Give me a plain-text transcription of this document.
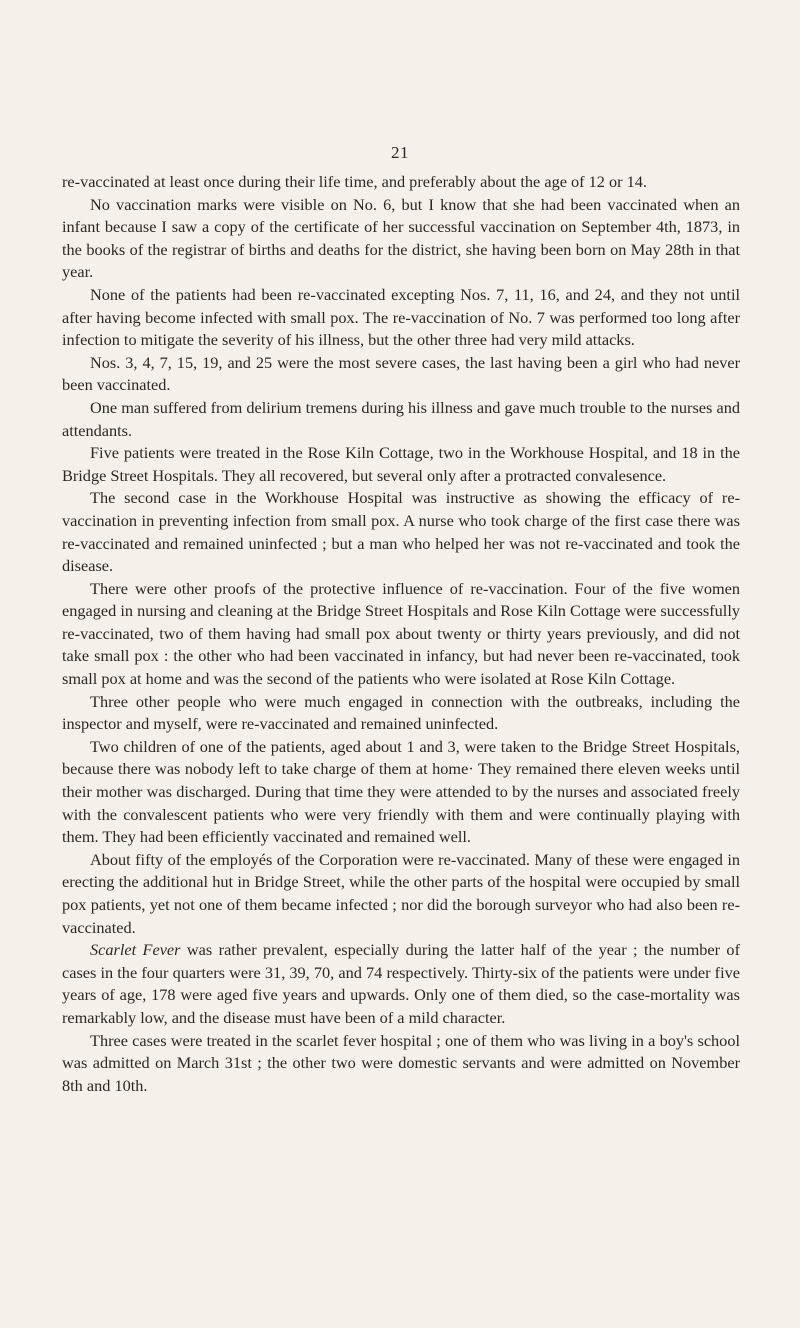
21

re-vaccinated at least once during their life time, and preferably about the age of 12 or 14.

No vaccination marks were visible on No. 6, but I know that she had been vaccinated when an infant because I saw a copy of the certificate of her successful vaccination on September 4th, 1873, in the books of the registrar of births and deaths for the district, she having been born on May 28th in that year.

None of the patients had been re-vaccinated excepting Nos. 7, 11, 16, and 24, and they not until after having become infected with small pox. The re-vaccination of No. 7 was performed too long after infection to mitigate the severity of his illness, but the other three had very mild attacks.

Nos. 3, 4, 7, 15, 19, and 25 were the most severe cases, the last having been a girl who had never been vaccinated.

One man suffered from delirium tremens during his illness and gave much trouble to the nurses and attendants.

Five patients were treated in the Rose Kiln Cottage, two in the Workhouse Hospital, and 18 in the Bridge Street Hospitals. They all recovered, but several only after a protracted convalesence.

The second case in the Workhouse Hospital was instructive as showing the efficacy of re-vaccination in preventing infection from small pox. A nurse who took charge of the first case there was re-vaccinated and remained uninfected ; but a man who helped her was not re-vaccinated and took the disease.

There were other proofs of the protective influence of re-vaccination. Four of the five women engaged in nursing and cleaning at the Bridge Street Hospitals and Rose Kiln Cottage were successfully re-vaccinated, two of them having had small pox about twenty or thirty years previously, and did not take small pox : the other who had been vaccinated in infancy, but had never been re-vaccinated, took small pox at home and was the second of the patients who were isolated at Rose Kiln Cottage.

Three other people who were much engaged in connection with the outbreaks, including the inspector and myself, were re-vaccinated and remained uninfected.

Two children of one of the patients, aged about 1 and 3, were taken to the Bridge Street Hospitals, because there was nobody left to take charge of them at home· They remained there eleven weeks until their mother was discharged. During that time they were attended to by the nurses and associated freely with the convalescent patients who were very friendly with them and were continually playing with them. They had been efficiently vaccinated and remained well.

About fifty of the employés of the Corporation were re-vaccinated. Many of these were engaged in erecting the additional hut in Bridge Street, while the other parts of the hospital were occupied by small pox patients, yet not one of them became infected ; nor did the borough surveyor who had also been re-vaccinated.

Scarlet Fever was rather prevalent, especially during the latter half of the year ; the number of cases in the four quarters were 31, 39, 70, and 74 respectively. Thirty-six of the patients were under five years of age, 178 were aged five years and upwards. Only one of them died, so the case-mortality was remarkably low, and the disease must have been of a mild character.

Three cases were treated in the scarlet fever hospital ; one of them who was living in a boy's school was admitted on March 31st ; the other two were domestic servants and were admitted on November 8th and 10th.
